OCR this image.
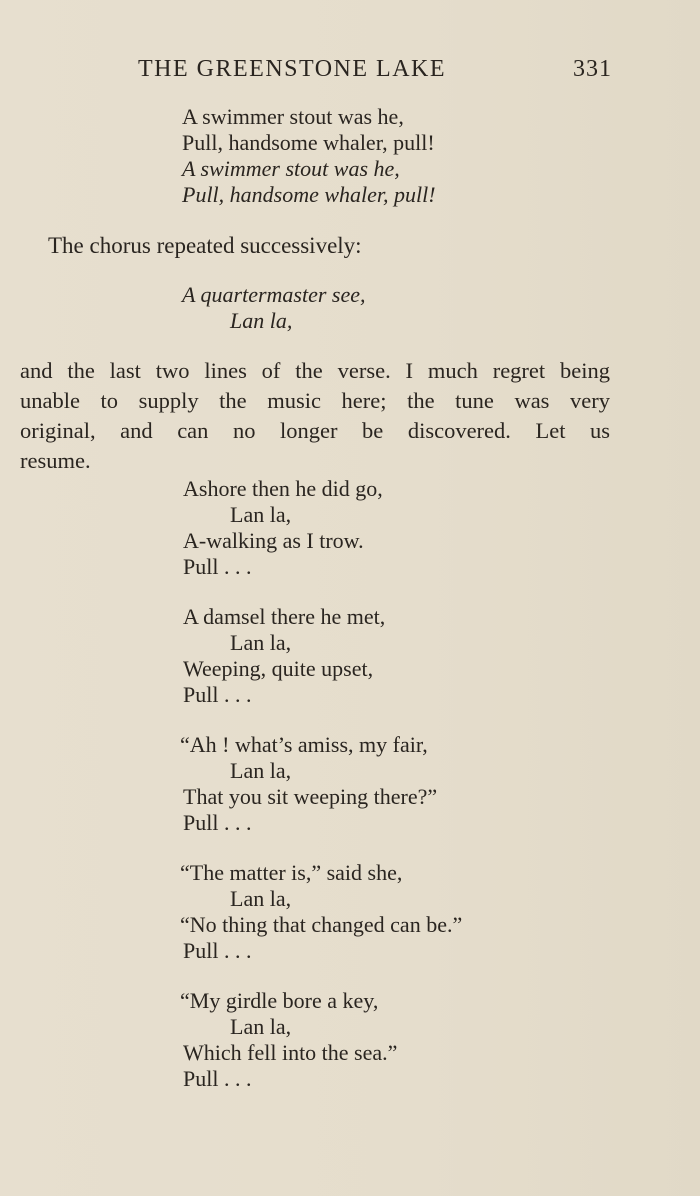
THE GREENSTONE LAKE	331
A swimmer stout was he,
Pull, handsome whaler, pull!
A swimmer stout was he,
Pull, handsome whaler, pull!
The chorus repeated successively:
A quartermaster see,
Lan la,
and the last two lines of the verse. I much regret being
unable to supply the music here; the tune was very
original, and can no longer be discovered. Let us
resume.
Ashore then he did go,
Lan la,
A-walking as I trow.
Pull . . .
A damsel there he met,
Lan la,
Weeping, quite upset,
Pull . . .
“Ah ! what’s amiss, my fair,
Lan la,
That you sit weeping there?”
Pull . . .
“The matter is,” said she,
Lan la,
“No thing that changed can be.”
Pull . . .
“My girdle bore a key,
Lan la,
Which fell into the sea.”
Pull . . .
